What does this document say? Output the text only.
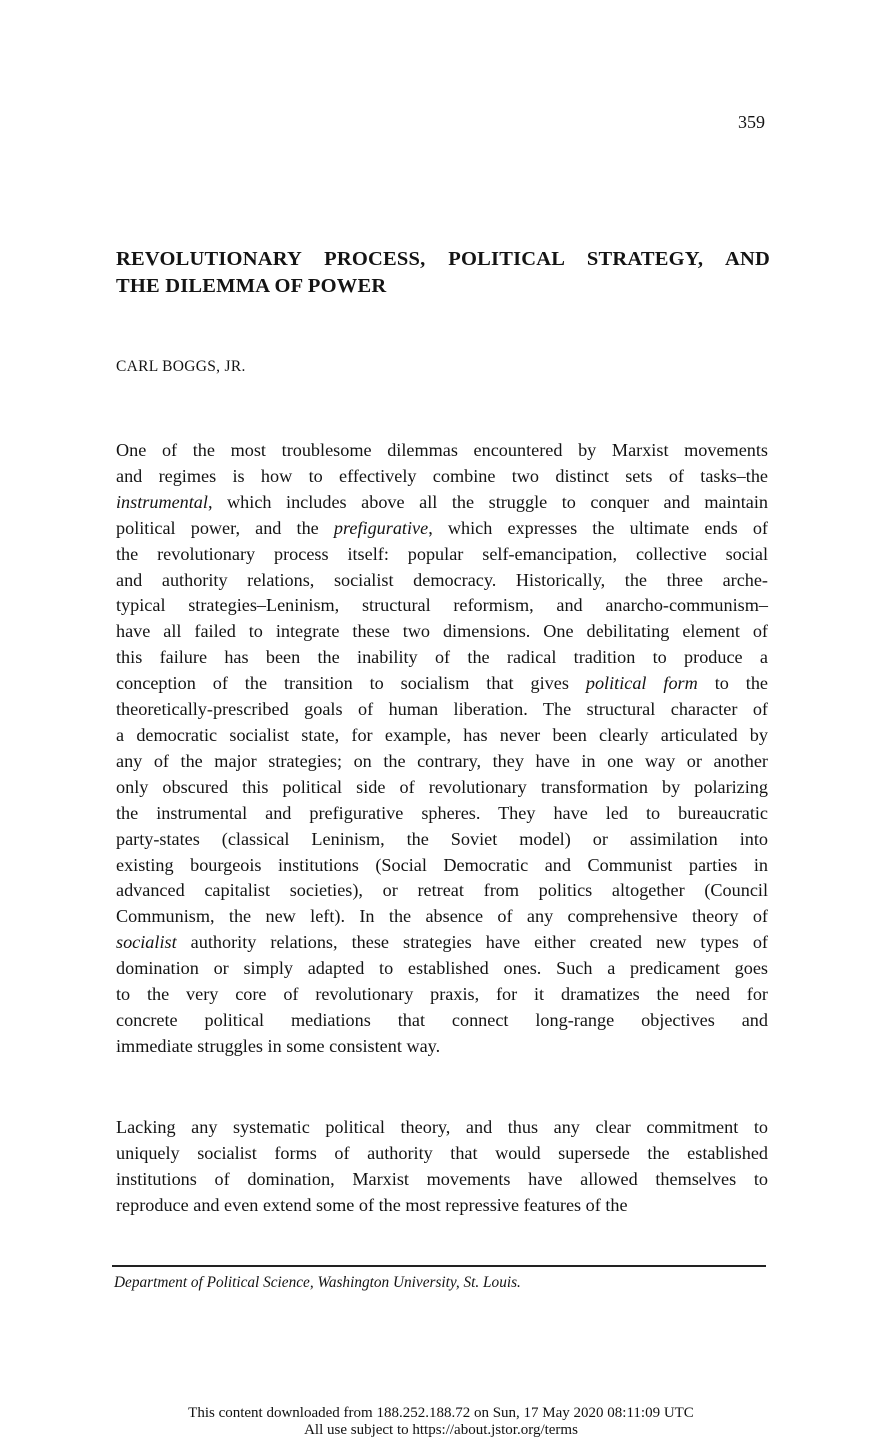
359
REVOLUTIONARY PROCESS, POLITICAL STRATEGY, AND
THE DILEMMA OF POWER
CARL BOGGS, JR.
One of the most troublesome dilemmas encountered by Marxist movements
and regimes is how to effectively combine two distinct sets of tasks–the
instrumental, which includes above all the struggle to conquer and maintain
political power, and the prefigurative, which expresses the ultimate ends of
the revolutionary process itself: popular self-emancipation, collective social
and authority relations, socialist democracy. Historically, the three arche-
typical strategies–Leninism, structural reformism, and anarcho-communism–
have all failed to integrate these two dimensions. One debilitating element of
this failure has been the inability of the radical tradition to produce a
conception of the transition to socialism that gives political form to the
theoretically-prescribed goals of human liberation. The structural character of
a democratic socialist state, for example, has never been clearly articulated by
any of the major strategies; on the contrary, they have in one way or another
only obscured this political side of revolutionary transformation by polarizing
the instrumental and prefigurative spheres. They have led to bureaucratic
party-states (classical Leninism, the Soviet model) or assimilation into
existing bourgeois institutions (Social Democratic and Communist parties in
advanced capitalist societies), or retreat from politics altogether (Council
Communism, the new left). In the absence of any comprehensive theory of
socialist authority relations, these strategies have either created new types of
domination or simply adapted to established ones. Such a predicament goes
to the very core of revolutionary praxis, for it dramatizes the need for
concrete political mediations that connect long-range objectives and
immediate struggles in some consistent way.
Lacking any systematic political theory, and thus any clear commitment to
uniquely socialist forms of authority that would supersede the established
institutions of domination, Marxist movements have allowed themselves to
reproduce and even extend some of the most repressive features of the
Department of Political Science, Washington University, St. Louis.
This content downloaded from 188.252.188.72 on Sun, 17 May 2020 08:11:09 UTC
All use subject to https://about.jstor.org/terms
